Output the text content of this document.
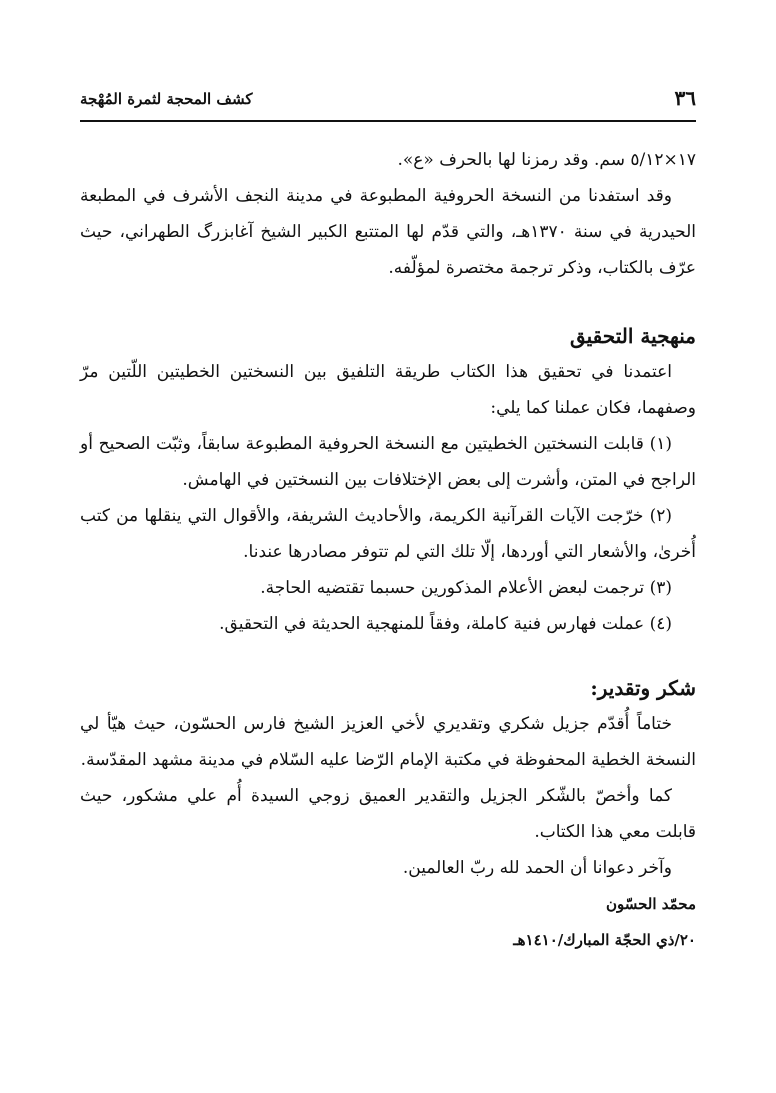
٣٦
كشف المحجة لثمرة المُهْجة

١٧×٥/١٢ سم. وقد رمزنا لها بالحرف «ع».

وقد استفدنا من النسخة الحروفية المطبوعة في مدينة النجف الأشرف في المطبعة الحيدرية في سنة ١٣٧٠هـ، والتي قدّم لها المتتبع الكبير الشيخ آغابزرگ الطهراني، حيث عرّف بالكتاب، وذكر ترجمة مختصرة لمؤلّفه.

منهجية التحقيق

اعتمدنا في تحقيق هذا الكتاب طريقة التلفيق بين النسختين الخطيتين اللّتين مرّ وصفهما، فكان عملنا كما يلي:

(١) قابلت النسختين الخطيتين مع النسخة الحروفية المطبوعة سابقاً، وثبّت الصحيح أو الراجح في المتن، وأشرت إلى بعض الإختلافات بين النسختين في الهامش.

(٢) خرّجت الآيات القرآنية الكريمة، والأحاديث الشريفة، والأقوال التي ينقلها من كتب أُخرىٰ، والأشعار التي أوردها، إلّا تلك التي لم تتوفر مصادرها عندنا.

(٣) ترجمت لبعض الأعلام المذكورين حسبما تقتضيه الحاجة.

(٤) عملت فهارس فنية كاملة، وفقاً للمنهجية الحديثة في التحقيق.

شكر وتقدير:

ختاماً أُقدّم جزيل شكري وتقديري لأخي العزيز الشيخ فارس الحسّون، حيث هيّأ لي النسخة الخطية المحفوظة في مكتبة الإمام الرّضا عليه السّلام في مدينة مشهد المقدّسة.

كما وأخصّ بالشّكر الجزيل والتقدير العميق زوجي السيدة أُم علي مشكور، حيث قابلت معي هذا الكتاب.

وآخر دعوانا أن الحمد لله ربّ العالمين.

محمّد الحسّون

٢٠/ذي الحجّة المبارك/١٤١٠هـ
